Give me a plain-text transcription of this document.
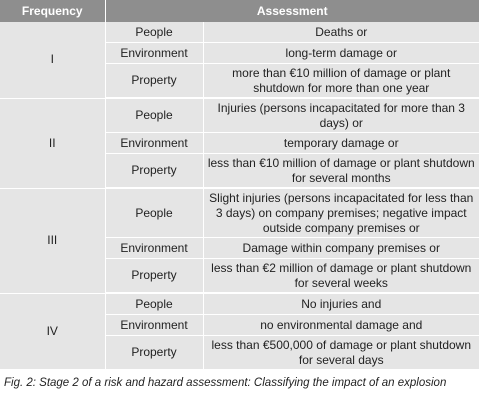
Frequency	Assessment	
I	People	Deaths or
	Environment	long-term damage or
	Property	more than €10 million of damage or plant shutdown for more than one year
II	People	Injuries (persons incapacitated for more than 3 days) or
	Environment	temporary damage or
	Property	less than €10 million of damage or plant shutdown for several months
III	People	Slight injuries (persons incapacitated for less than 3 days) on company premises; negative impact outside company premises or
	Environment	Damage within company premises or
	Property	less than €2 million of damage or plant shutdown for several weeks
IV	People	No injuries and
	Environment	no environmental damage and
	Property	less than €500,000 of damage or plant shutdown for several days
Fig. 2: Stage 2 of a risk and hazard assessment: Classifying the impact of an explosion
